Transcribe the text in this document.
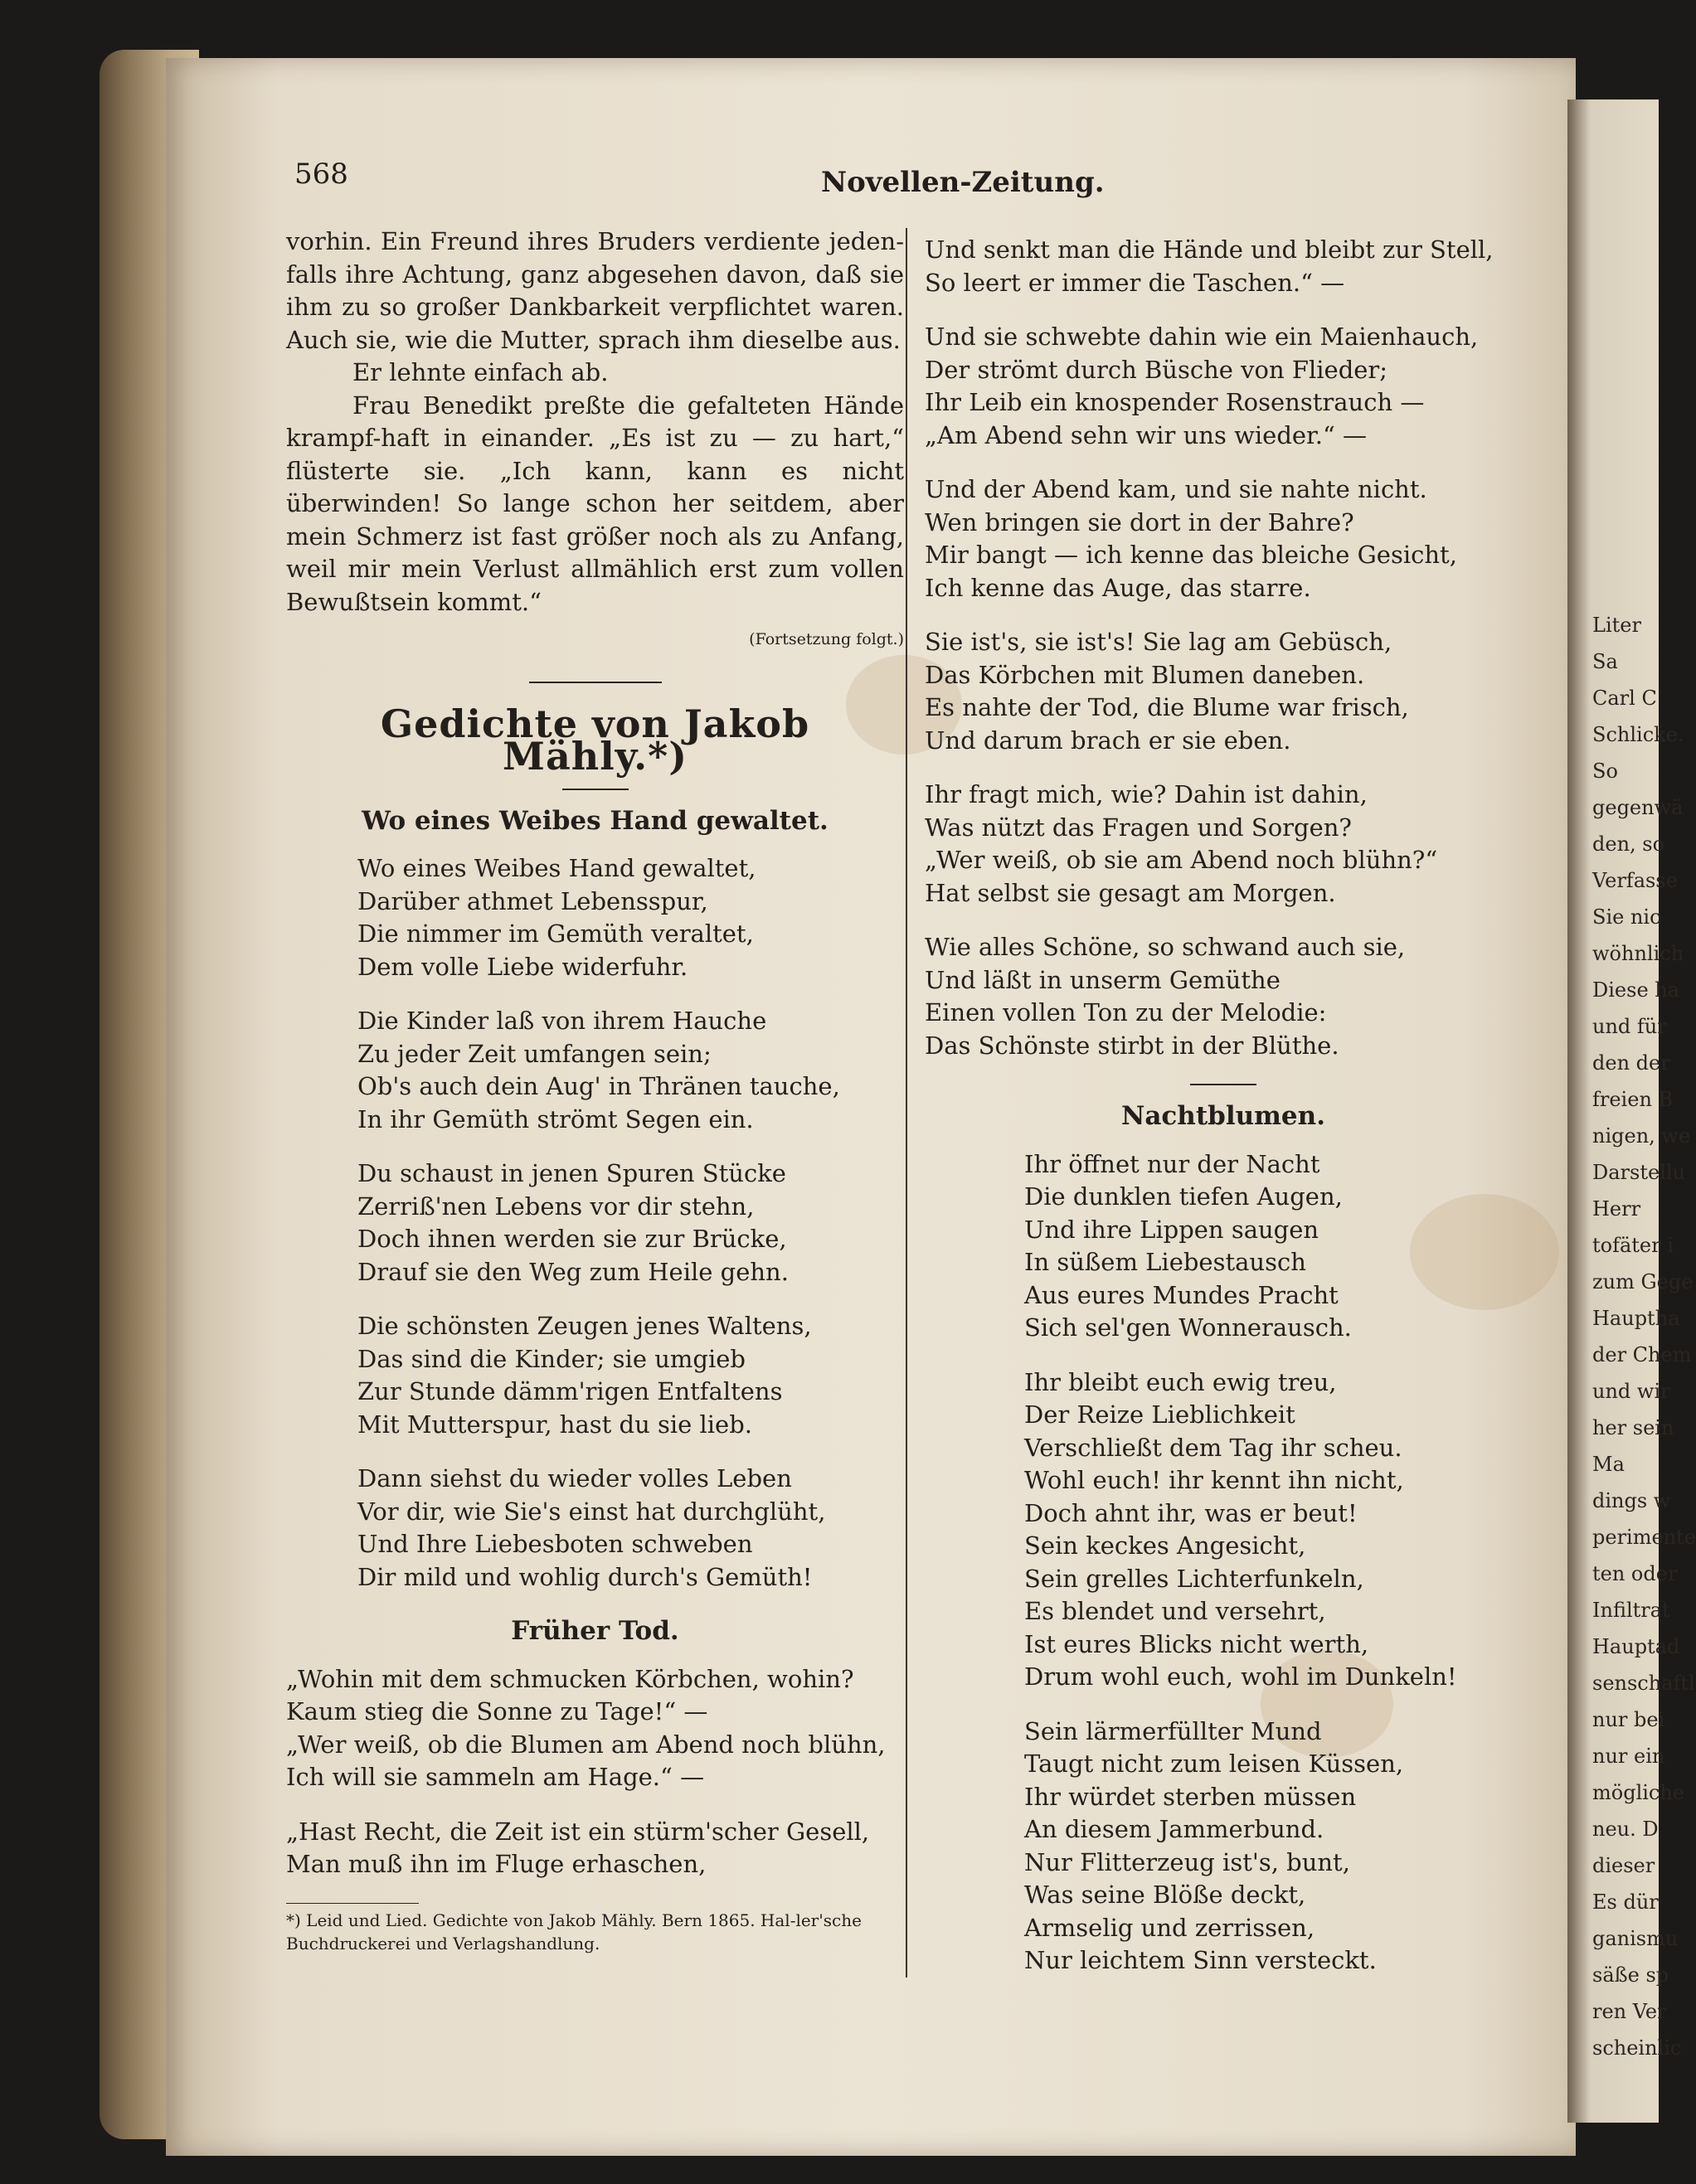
Liter
Sa
Carl C
Schlicke.
So
gegenwä
den, so
Verfasse
Sie nic
wöhnlich
Diese ha
und für
den der
freien B
nigen, we
Darstellu
Herr
tofäter i
zum Gege
Hauptha
der Chem
und wir
her sein
Ma
dings w
perimente
ten oder
Infiltrat
Hauptad
senschaftl
nur bei
nur ein
mögliche
neu. D
dieser
Es dür
ganismu
säße sp
ren Ver
scheinlic
568	Novellen-Zeitung.

vorhin. Ein Freund ihres Bruders verdiente jeden-falls ihre Achtung, ganz abgesehen davon, daß sie ihm zu so großer Dankbarkeit verpflichtet waren. Auch sie, wie die Mutter, sprach ihm dieselbe aus.

Er lehnte einfach ab.

Frau Benedikt preßte die gefalteten Hände krampf-haft in einander. „Es ist zu — zu hart,“ flüsterte sie. „Ich kann, kann es nicht überwinden! So lange schon her seitdem, aber mein Schmerz ist fast größer noch als zu Anfang, weil mir mein Verlust allmählich erst zum vollen Bewußtsein kommt.“

(Fortsetzung folgt.)
Gedichte von Jakob Mähly.*)
Wo eines Weibes Hand gewaltet.
Wo eines Weibes Hand gewaltet,
Darüber athmet Lebensspur,
Die nimmer im Gemüth veraltet,
Dem volle Liebe widerfuhr.
Die Kinder laß von ihrem Hauche
Zu jeder Zeit umfangen sein;
Ob's auch dein Aug' in Thränen tauche,
In ihr Gemüth strömt Segen ein.
Du schaust in jenen Spuren Stücke
Zerriß'nen Lebens vor dir stehn,
Doch ihnen werden sie zur Brücke,
Drauf sie den Weg zum Heile gehn.
Die schönsten Zeugen jenes Waltens,
Das sind die Kinder; sie umgieb
Zur Stunde dämm'rigen Entfaltens
Mit Mutterspur, hast du sie lieb.
Dann siehst du wieder volles Leben
Vor dir, wie Sie's einst hat durchglüht,
Und Ihre Liebesboten schweben
Dir mild und wohlig durch's Gemüth!
Früher Tod.
„Wohin mit dem schmucken Körbchen, wohin?
Kaum stieg die Sonne zu Tage!“ —
„Wer weiß, ob die Blumen am Abend noch blühn,
Ich will sie sammeln am Hage.“ —
„Hast Recht, die Zeit ist ein stürm'scher Gesell,
Man muß ihn im Fluge erhaschen,

*) Leid und Lied. Gedichte von Jakob Mähly. Bern 1865. Hal-ler'sche Buchdruckerei und Verlagshandlung.

Und senkt man die Hände und bleibt zur Stell,
So leert er immer die Taschen.“ —
Und sie schwebte dahin wie ein Maienhauch,
Der strömt durch Büsche von Flieder;
Ihr Leib ein knospender Rosenstrauch —
„Am Abend sehn wir uns wieder.“ —
Und der Abend kam, und sie nahte nicht.
Wen bringen sie dort in der Bahre?
Mir bangt — ich kenne das bleiche Gesicht,
Ich kenne das Auge, das starre.
Sie ist's, sie ist's! Sie lag am Gebüsch,
Das Körbchen mit Blumen daneben.
Es nahte der Tod, die Blume war frisch,
Und darum brach er sie eben.
Ihr fragt mich, wie? Dahin ist dahin,
Was nützt das Fragen und Sorgen?
„Wer weiß, ob sie am Abend noch blühn?“
Hat selbst sie gesagt am Morgen.
Wie alles Schöne, so schwand auch sie,
Und läßt in unserm Gemüthe
Einen vollen Ton zu der Melodie:
Das Schönste stirbt in der Blüthe.
Nachtblumen.
Ihr öffnet nur der Nacht
Die dunklen tiefen Augen,
Und ihre Lippen saugen
In süßem Liebestausch
Aus eures Mundes Pracht
Sich sel'gen Wonnerausch.
Ihr bleibt euch ewig treu,
Der Reize Lieblichkeit
Verschließt dem Tag ihr scheu.
Wohl euch! ihr kennt ihn nicht,
Doch ahnt ihr, was er beut!
Sein keckes Angesicht,
Sein grelles Lichterfunkeln,
Es blendet und versehrt,
Ist eures Blicks nicht werth,
Drum wohl euch, wohl im Dunkeln!
Sein lärmerfüllter Mund
Taugt nicht zum leisen Küssen,
Ihr würdet sterben müssen
An diesem Jammerbund.
Nur Flitterzeug ist's, bunt,
Was seine Blöße deckt,
Armselig und zerrissen,
Nur leichtem Sinn versteckt.
